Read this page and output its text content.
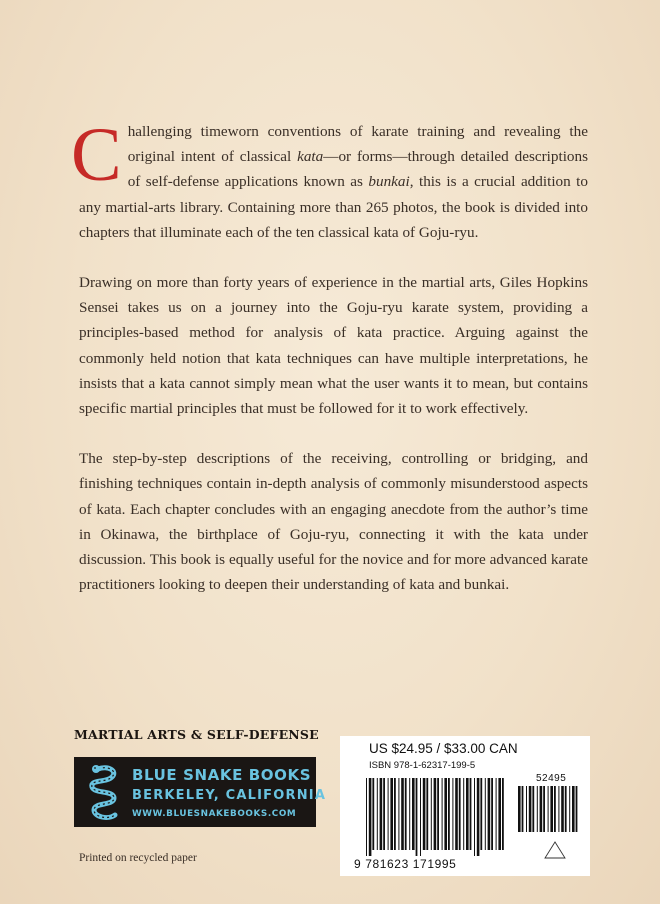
Challenging timeworn conventions of karate training and revealing the original intent of classical kata—or forms—through detailed descriptions of self-defense applications known as bunkai, this is a crucial addition to any martial-arts library. Containing more than 265 photos, the book is divided into chapters that illuminate each of the ten classical kata of Goju-ryu.

Drawing on more than forty years of experience in the martial arts, Giles Hopkins Sensei takes us on a journey into the Goju-ryu karate system, providing a principles-based method for analysis of kata practice. Arguing against the commonly held notion that kata techniques can have multiple interpretations, he insists that a kata cannot simply mean what the user wants it to mean, but contains specific martial principles that must be followed for it to work effectively.

The step-by-step descriptions of the receiving, controlling or bridging, and finishing techniques contain in-depth analysis of commonly misunderstood aspects of kata. Each chapter concludes with an engaging anecdote from the author’s time in Okinawa, the birthplace of Goju-ryu, connecting it with the kata under discussion. This book is equally useful for the novice and for more advanced karate practitioners looking to deepen their understanding of kata and bunkai.

MARTIAL ARTS & SELF-DEFENSE
BLUE SNAKE BOOKS
BERKELEY, CALIFORNIA
WWW.BLUESNAKEBOOKS.COM
Printed on recycled paper
US $24.95 / $33.00 CAN
ISBN 978-1-62317-199-5
52495
9 781623 171995
